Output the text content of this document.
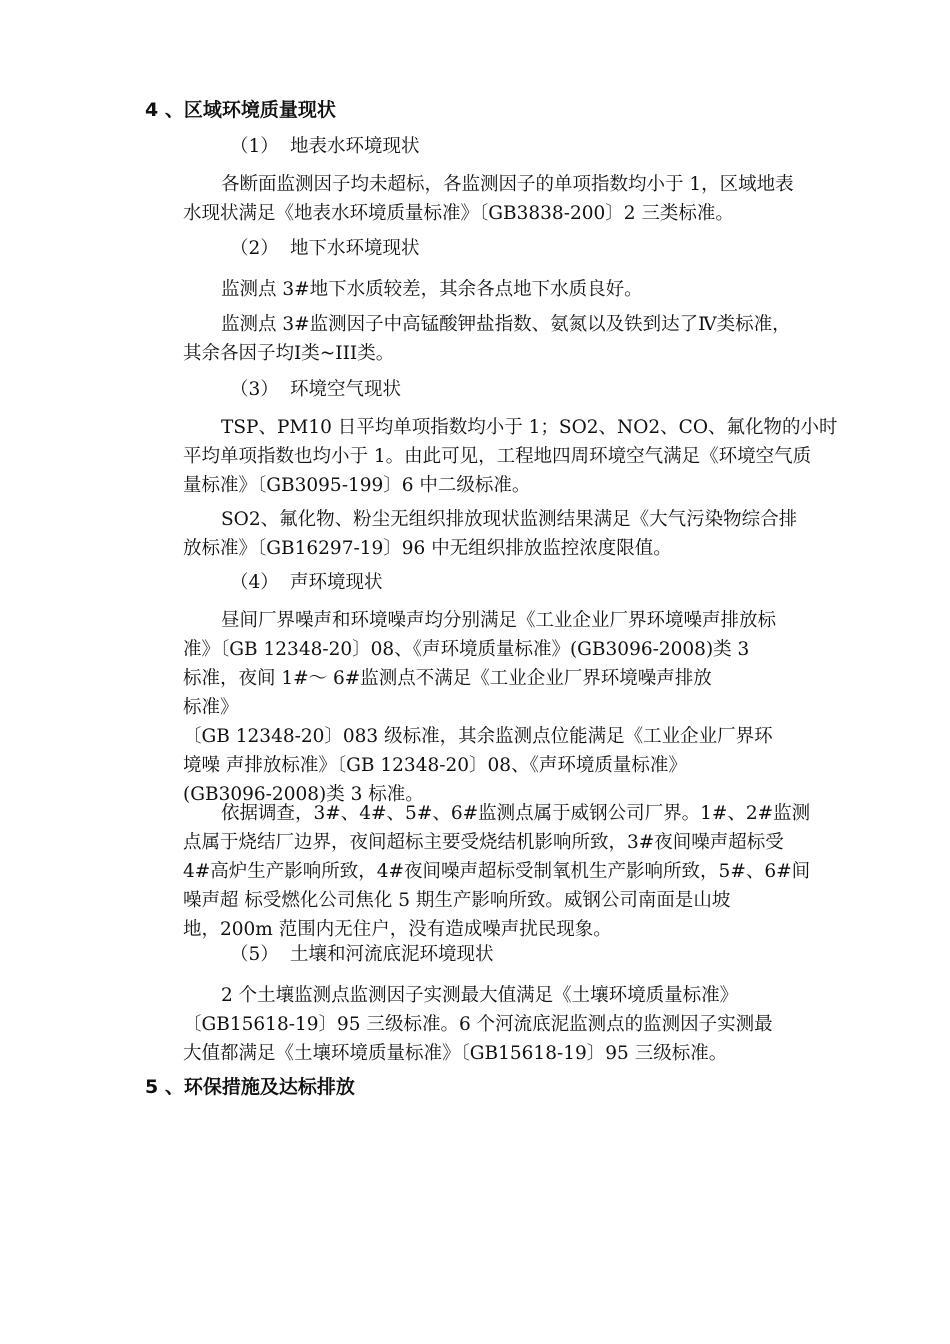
4 、区域环境质量现状
（1） 地表水环境现状
各断面监测因子均未超标，各监测因子的单项指数均小于 1，区域地表
水现状满足《地表水环境质量标准》〔GB3838-200〕2 三类标准。
（2） 地下水环境现状
监测点 3#地下水质较差，其余各点地下水质良好。
监测点 3#监测因子中高锰酸钾盐指数、氨氮以及铁到达了Ⅳ类标准，
其余各因子均Ⅰ类~III类。
（3） 环境空气现状
TSP、PM10 日平均单项指数均小于 1；SO2、NO2、CO、氟化物的小时
平均单项指数也均小于 1。由此可见，工程地四周环境空气满足《环境空气质
量标准》〔GB3095-199〕6 中二级标准。
SO2、氟化物、粉尘无组织排放现状监测结果满足《大气污染物综合排
放标准》〔GB16297-19〕96 中无组织排放监控浓度限值。
（4） 声环境现状
昼间厂界噪声和环境噪声均分别满足《工业企业厂界环境噪声排放标
准》〔GB 12348-20〕08、《声环境质量标准》(GB3096-2008)类 3
标准，夜间 1#～ 6#监测点不满足《工业企业厂界环境噪声排放
标准》
〔GB 12348-20〕083 级标准，其余监测点位能满足《工业企业厂界环
境噪 声排放标准》〔GB 12348-20〕08、《声环境质量标准》
(GB3096-2008)类 3 标准。
依据调查，3#、4#、5#、6#监测点属于威钢公司厂界。1#、2#监测
点属于烧结厂边界，夜间超标主要受烧结机影响所致，3#夜间噪声超标受
4#高炉生产影响所致，4#夜间噪声超标受制氧机生产影响所致，5#、6#间
噪声超 标受燃化公司焦化 5 期生产影响所致。威钢公司南面是山坡
地，200m 范围内无住户，没有造成噪声扰民现象。
（5） 土壤和河流底泥环境现状
2 个土壤监测点监测因子实测最大值满足《土壤环境质量标准》
〔GB15618-19〕95 三级标准。6 个河流底泥监测点的监测因子实测最
大值都满足《土壤环境质量标准》〔GB15618-19〕95 三级标准。
5 、环保措施及达标排放
